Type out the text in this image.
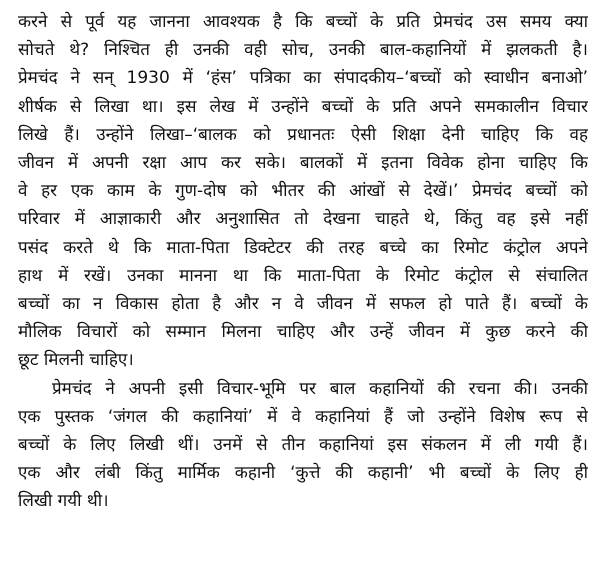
करने से पूर्व यह जानना आवश्यक है कि बच्चों के प्रति प्रेमचंद उस समय क्या
सोचते थे? निश्चित ही उनकी वही सोच, उनकी बाल-कहानियों में झलकती है।
प्रेमचंद ने सन् 1930 में ‘हंस’ पत्रिका का संपादकीय–‘बच्चों को स्वाधीन बनाओ’
शीर्षक से लिखा था। इस लेख में उन्होंने बच्चों के प्रति अपने समकालीन विचार
लिखे हैं। उन्होंने लिखा–‘बालक को प्रधानतः ऐसी शिक्षा देनी चाहिए कि वह
जीवन में अपनी रक्षा आप कर सके। बालकों में इतना विवेक होना चाहिए कि
वे हर एक काम के गुण-दोष को भीतर की आंखों से देखें।’ प्रेमचंद बच्चों को
परिवार में आज्ञाकारी और अनुशासित तो देखना चाहते थे, किंतु वह इसे नहीं
पसंद करते थे कि माता-पिता डिक्टेटर की तरह बच्चे का रिमोट कंट्रोल अपने
हाथ में रखें। उनका मानना था कि माता-पिता के रिमोट कंट्रोल से संचालित
बच्चों का न विकास होता है और न वे जीवन में सफल हो पाते हैं। बच्चों के
मौलिक विचारों को सम्मान मिलना चाहिए और उन्हें जीवन में कुछ करने की
छूट मिलनी चाहिए।
प्रेमचंद ने अपनी इसी विचार-भूमि पर बाल कहानियों की रचना की। उनकी
एक पुस्तक ‘जंगल की कहानियां’ में वे कहानियां हैं जो उन्होंने विशेष रूप से
बच्चों के लिए लिखी थीं। उनमें से तीन कहानियां इस संकलन में ली गयी हैं।
एक और लंबी किंतु मार्मिक कहानी ‘कुत्ते की कहानी’ भी बच्चों के लिए ही
लिखी गयी थी।
